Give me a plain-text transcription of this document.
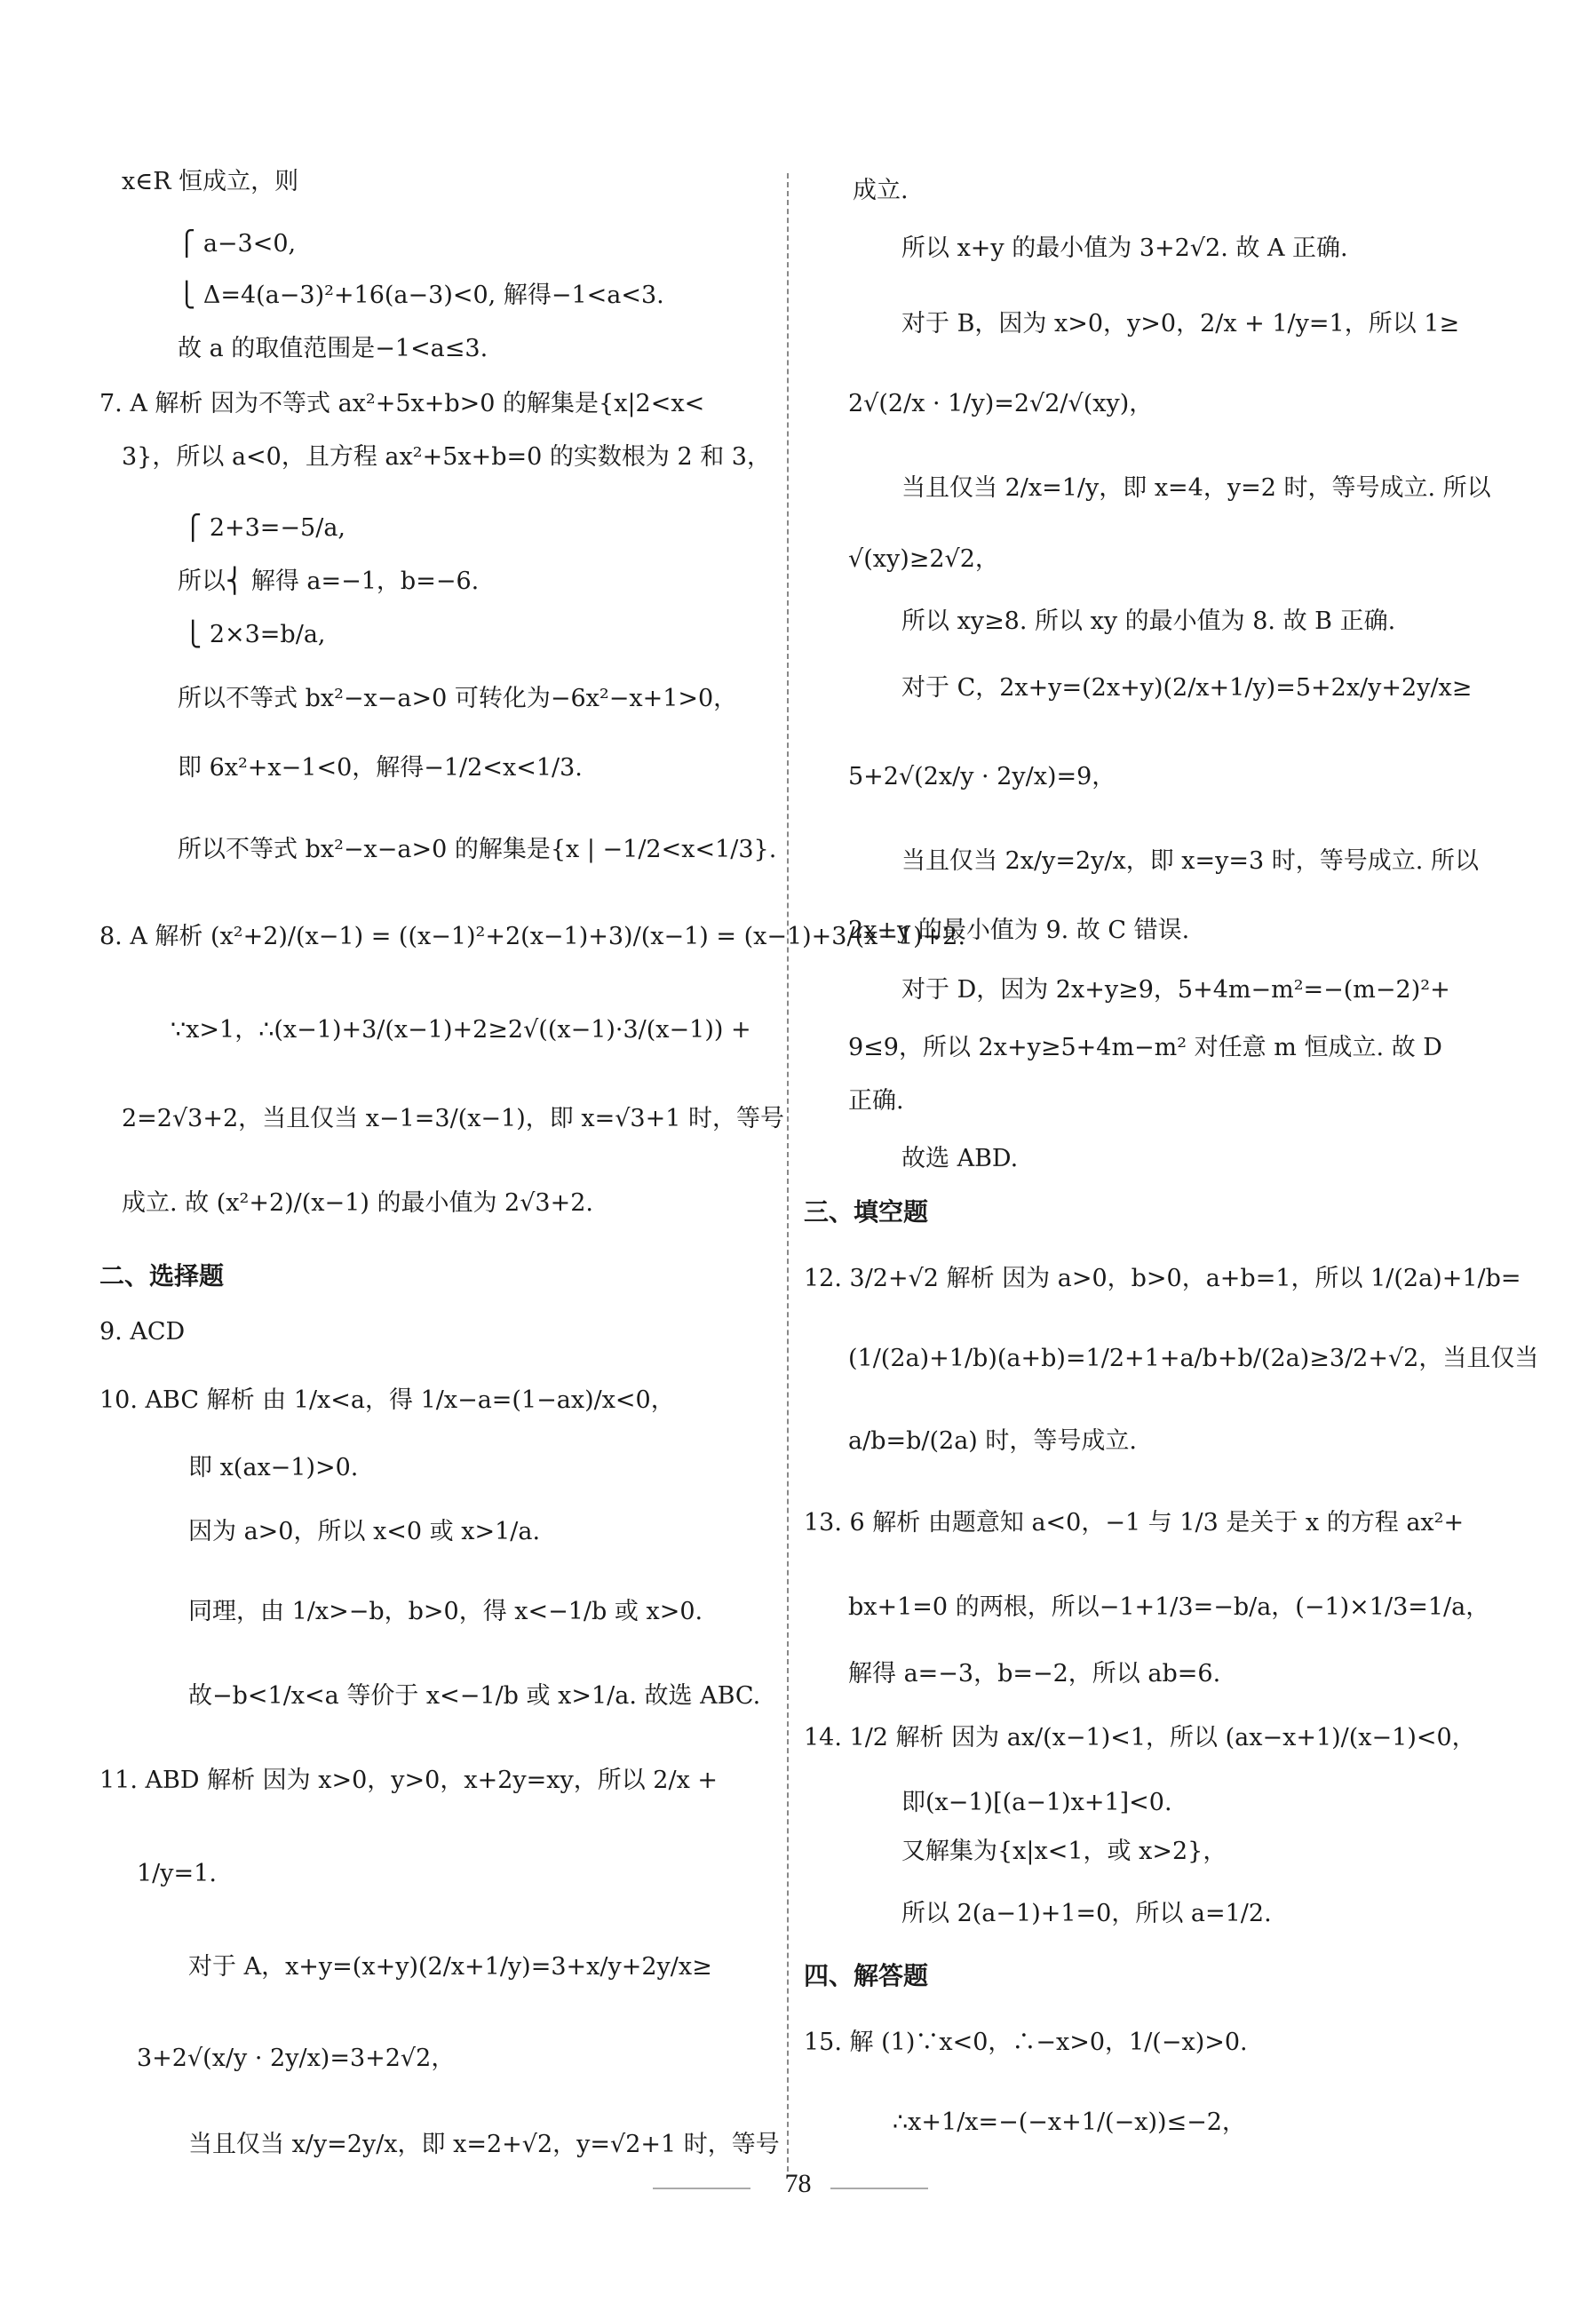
x∈R 恒成立，则
⎧ a−3<0,
⎩ Δ=4(a−3)²+16(a−3)<0, 解得−1<a<3.
故 a 的取值范围是−1<a≤3.
7. A 解析 因为不等式 ax²+5x+b>0 的解集是{x|2<x<
3}，所以 a<0，且方程 ax²+5x+b=0 的实数根为 2 和 3，
⎧ 2+3=−5/a,
所以⎨ 解得 a=−1，b=−6.
⎩ 2×3=b/a,
所以不等式 bx²−x−a>0 可转化为−6x²−x+1>0，
即 6x²+x−1<0，解得−1/2<x<1/3.
所以不等式 bx²−x−a>0 的解集是{x | −1/2<x<1/3}.
8. A 解析 (x²+2)/(x−1) = ((x−1)²+2(x−1)+3)/(x−1) = (x−1)+3/(x−1)+2.
∵x>1，∴(x−1)+3/(x−1)+2≥2√((x−1)·3/(x−1)) +
2=2√3+2，当且仅当 x−1=3/(x−1)，即 x=√3+1 时，等号
成立. 故 (x²+2)/(x−1) 的最小值为 2√3+2.
二、选择题
9. ACD
10. ABC 解析 由 1/x<a，得 1/x−a=(1−ax)/x<0，
即 x(ax−1)>0.
因为 a>0，所以 x<0 或 x>1/a.
同理，由 1/x>−b，b>0，得 x<−1/b 或 x>0.
故−b<1/x<a 等价于 x<−1/b 或 x>1/a. 故选 ABC.
11. ABD 解析 因为 x>0，y>0，x+2y=xy，所以 2/x +
1/y=1.
对于 A，x+y=(x+y)(2/x+1/y)=3+x/y+2y/x≥
3+2√(x/y · 2y/x)=3+2√2，
当且仅当 x/y=2y/x，即 x=2+√2，y=√2+1 时，等号
成立.
所以 x+y 的最小值为 3+2√2. 故 A 正确.
对于 B，因为 x>0，y>0，2/x + 1/y=1，所以 1≥
2√(2/x · 1/y)=2√2/√(xy)，
当且仅当 2/x=1/y，即 x=4，y=2 时，等号成立. 所以
√(xy)≥2√2，
所以 xy≥8. 所以 xy 的最小值为 8. 故 B 正确.
对于 C，2x+y=(2x+y)(2/x+1/y)=5+2x/y+2y/x≥
5+2√(2x/y · 2y/x)=9，
当且仅当 2x/y=2y/x，即 x=y=3 时，等号成立. 所以
2x+y 的最小值为 9. 故 C 错误.
对于 D，因为 2x+y≥9，5+4m−m²=−(m−2)²+
9≤9，所以 2x+y≥5+4m−m² 对任意 m 恒成立. 故 D
正确.
故选 ABD.
三、填空题
12. 3/2+√2 解析 因为 a>0，b>0，a+b=1，所以 1/(2a)+1/b=
(1/(2a)+1/b)(a+b)=1/2+1+a/b+b/(2a)≥3/2+√2，当且仅当
a/b=b/(2a) 时，等号成立.
13. 6 解析 由题意知 a<0，−1 与 1/3 是关于 x 的方程 ax²+
bx+1=0 的两根，所以−1+1/3=−b/a，(−1)×1/3=1/a，
解得 a=−3，b=−2，所以 ab=6.
14. 1/2 解析 因为 ax/(x−1)<1，所以 (ax−x+1)/(x−1)<0，
即(x−1)[(a−1)x+1]<0.
又解集为{x|x<1，或 x>2}，
所以 2(a−1)+1=0，所以 a=1/2.
四、解答题
15. 解 (1)∵x<0，∴−x>0，1/(−x)>0.
∴x+1/x=−(−x+1/(−x))≤−2，
78
